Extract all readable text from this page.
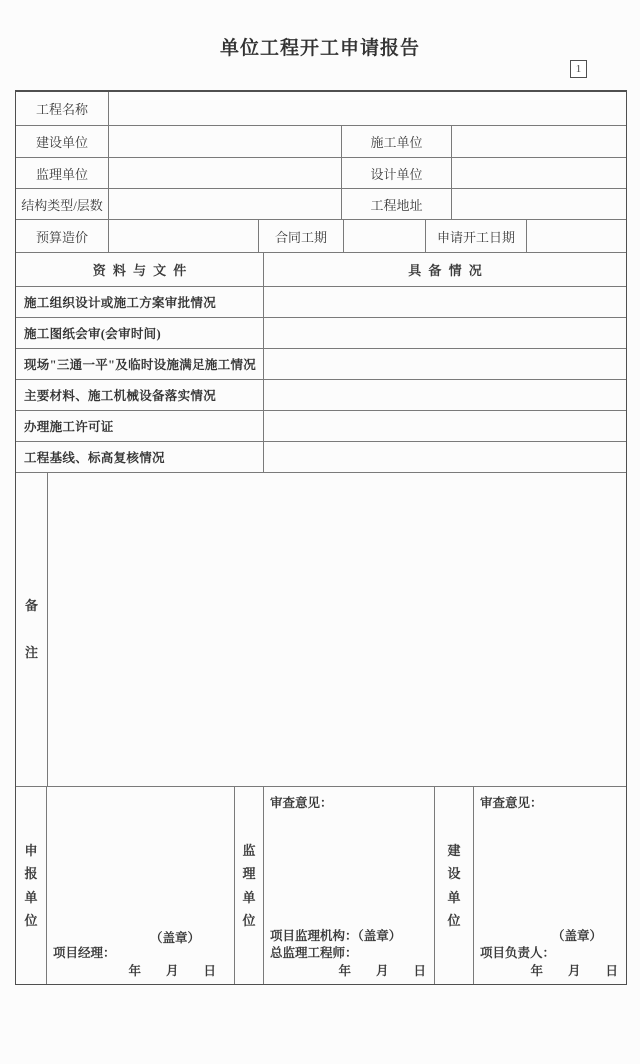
单位工程开工申请报告
1
工程名称
建设单位	施工单位
监理单位	设计单位
结构类型/层数	工程地址
预算造价	合同工期	申请开工日期
资料与文件	具备情况
施工组织设计或施工方案审批情况
施工图纸会审(会审时间)
现场"三通一平"及临时设施满足施工情况
主要材料、施工机械设备落实情况
办理施工许可证
工程基线、标高复核情况
备注
申报单位
（盖章）
项目经理：
年　　月　　日
监理单位
审查意见：
项目监理机构：（盖章）
总监理工程师：
年　　月　　日
建设单位
审查意见：
（盖章）
项目负责人：
年　　月　　日
